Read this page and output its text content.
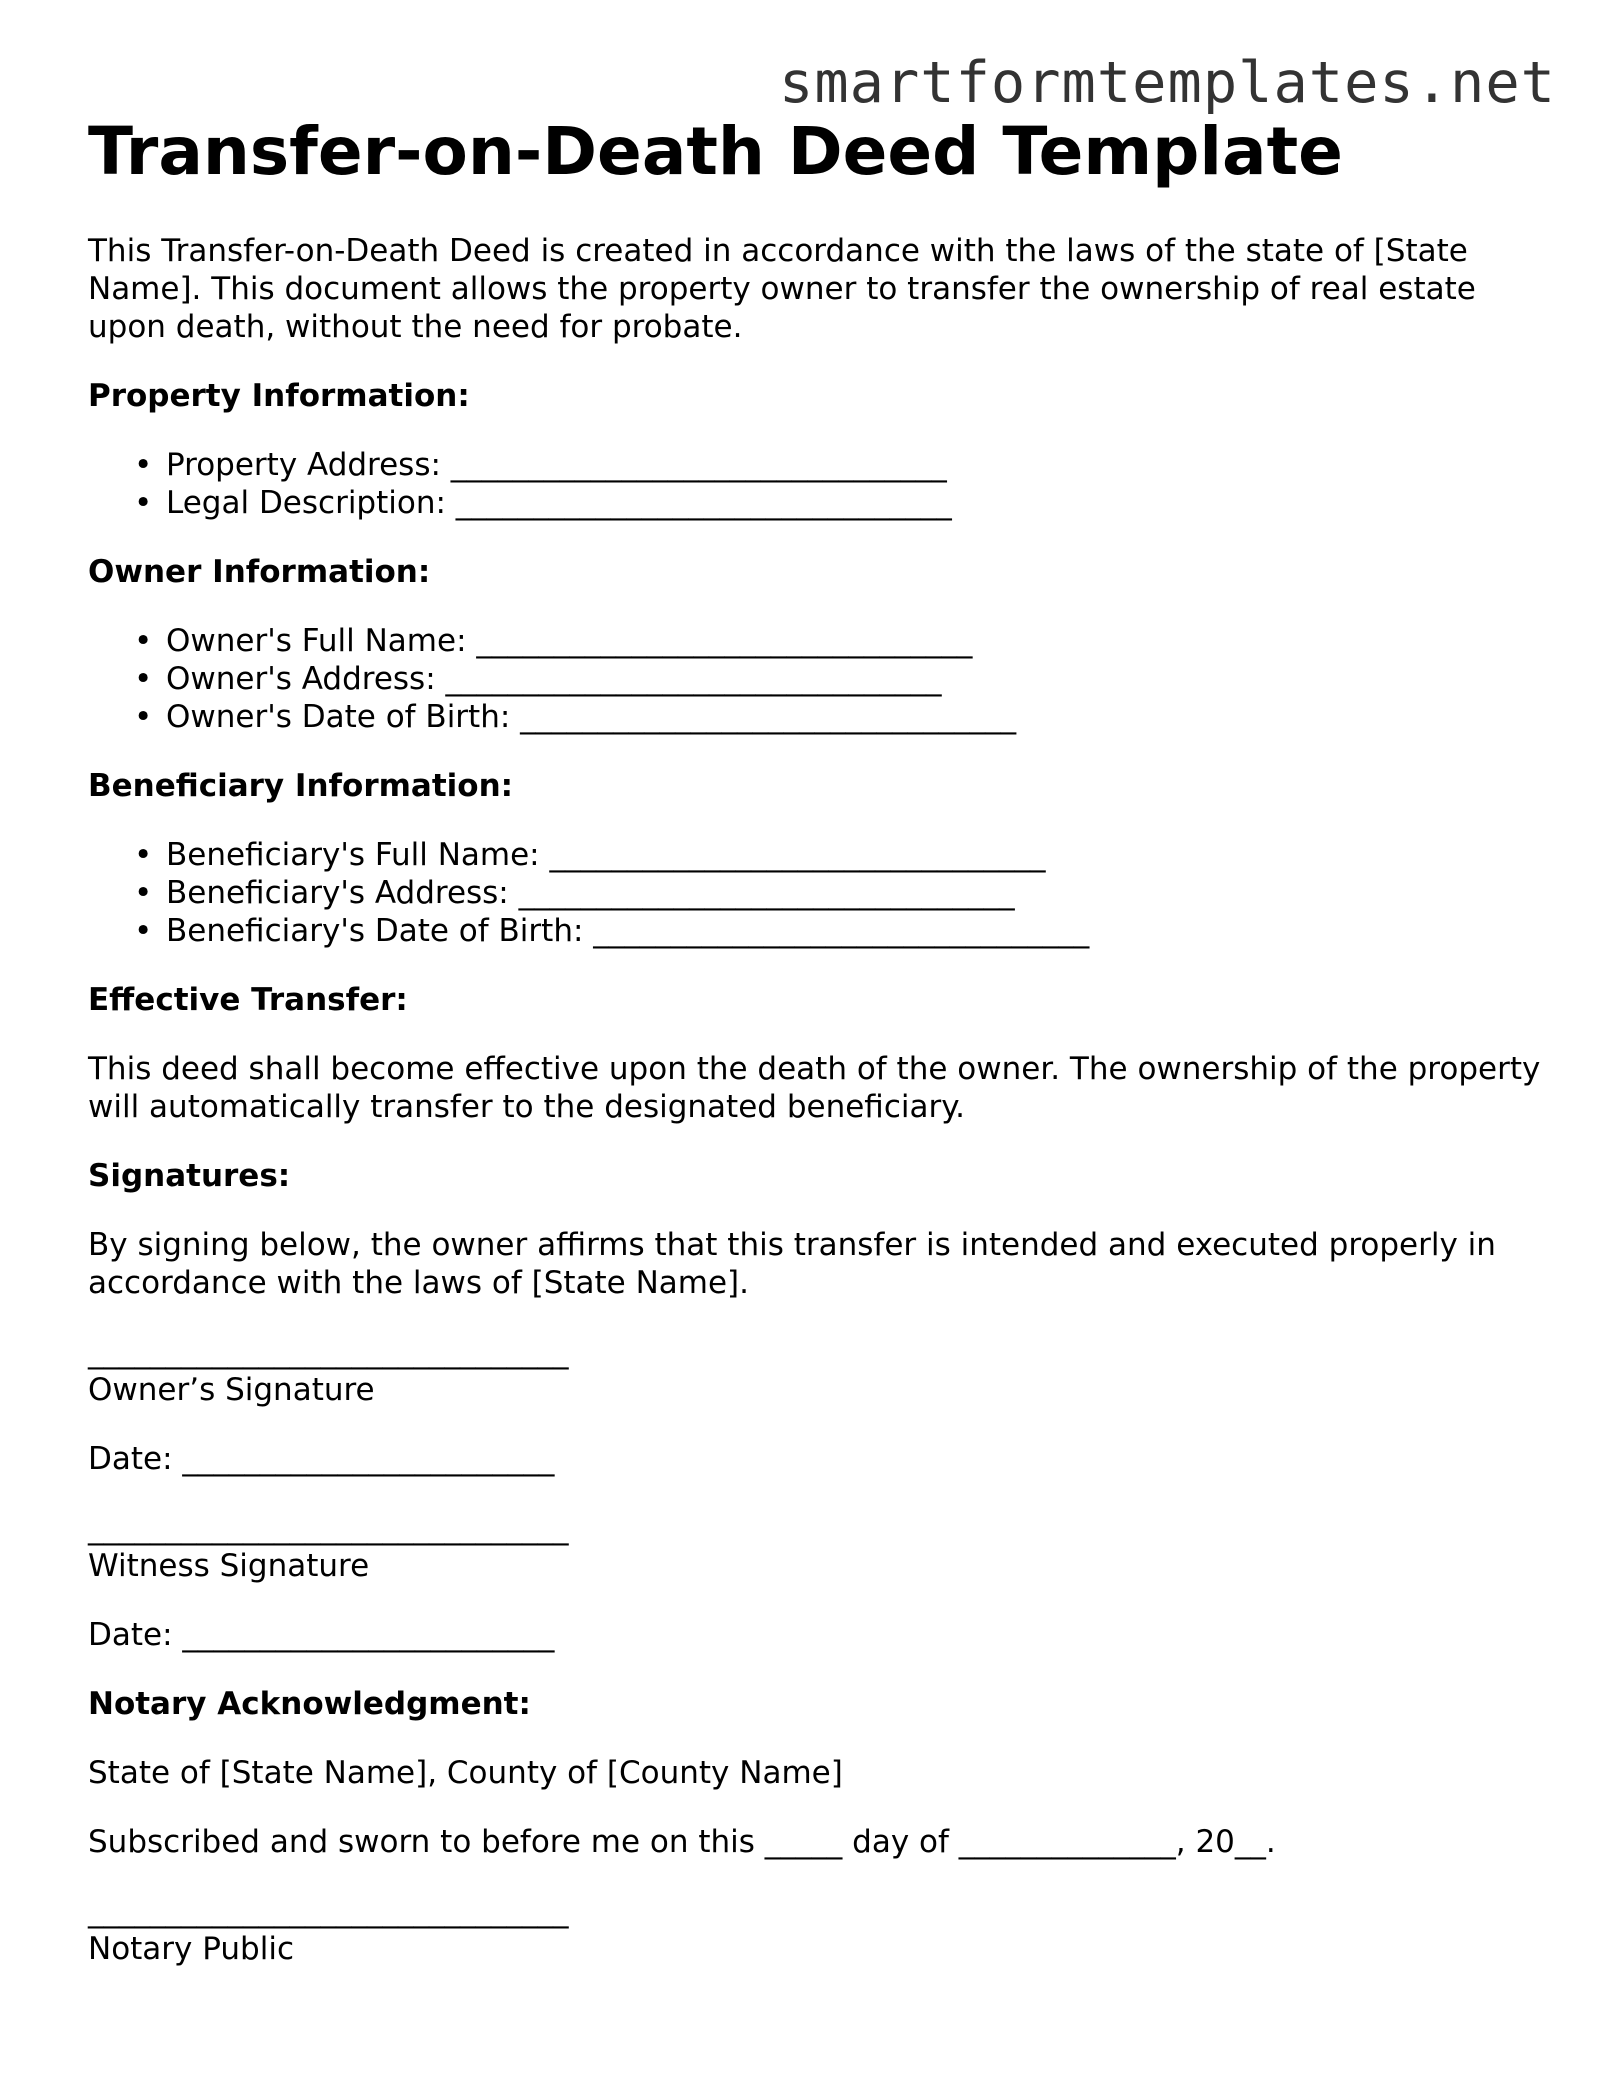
smartformtemplates.net
Transfer-on-Death Deed Template

This Transfer-on-Death Deed is created in accordance with the laws of the state of [State Name]. This document allows the property owner to transfer the ownership of real estate upon death, without the need for probate.

Property Information:

• Property Address: ________________________________
• Legal Description: ________________________________

Owner Information:

• Owner's Full Name: ________________________________
• Owner's Address: ________________________________
• Owner's Date of Birth: ________________________________

Beneficiary Information:

• Beneficiary's Full Name: ________________________________
• Beneficiary's Address: ________________________________
• Beneficiary's Date of Birth: ________________________________

Effective Transfer:

This deed shall become effective upon the death of the owner. The ownership of the property will automatically transfer to the designated beneficiary.

Signatures:

By signing below, the owner affirms that this transfer is intended and executed properly in accordance with the laws of [State Name].

_______________________________

Owner’s Signature

Date: ________________________

_______________________________

Witness Signature

Date: ________________________

Notary Acknowledgment:

State of [State Name], County of [County Name]

Subscribed and sworn to before me on this _____ day of ______________, 20__.

_______________________________

Notary Public
